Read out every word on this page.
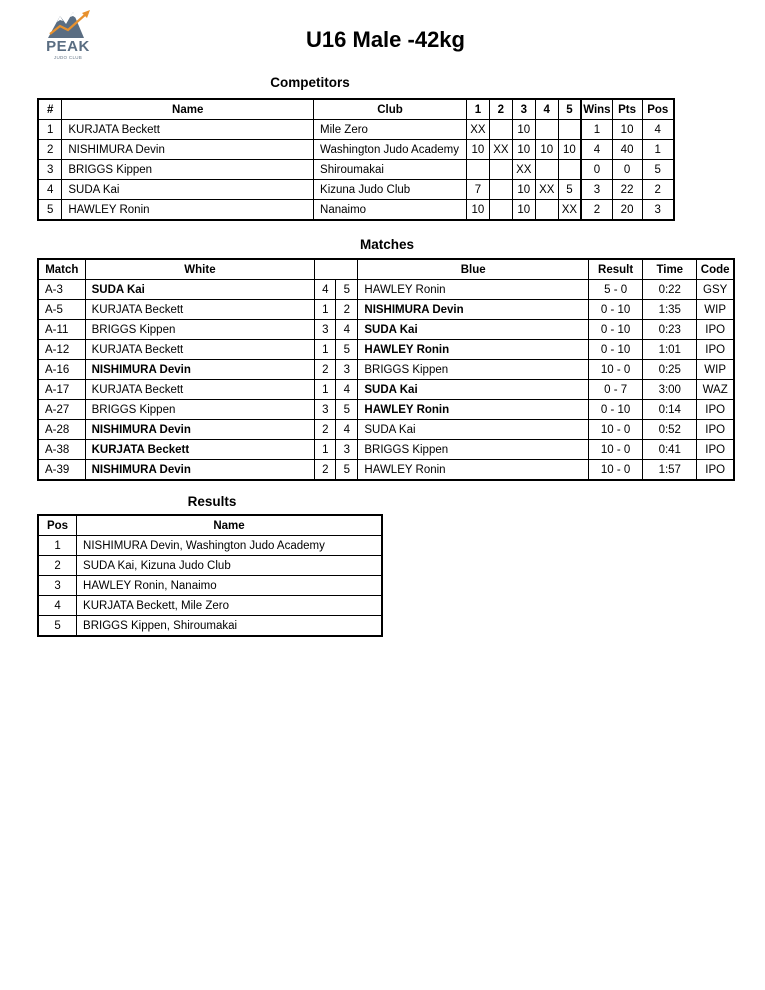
PEAK
JUDO CLUB
U16 Male -42kg
Competitors
#	Name	Club	1	2	3	4	5	Wins	Pts	Pos
1	KURJATA Beckett	Mile Zero	XX		10			1	10	4
2	NISHIMURA Devin	Washington Judo Academy	10	XX	10	10	10	4	40	1
3	BRIGGS Kippen	Shiroumakai			XX			0	0	5
4	SUDA Kai	Kizuna Judo Club	7		10	XX	5	3	22	2
5	HAWLEY Ronin	Nanaimo	10		10		XX	2	20	3
Matches
Match	White			Blue	Result	Time	Code
A-3	SUDA Kai	4	5	HAWLEY Ronin	5 - 0	0:22	GSY
A-5	KURJATA Beckett	1	2	NISHIMURA Devin	0 - 10	1:35	WIP
A-11	BRIGGS Kippen	3	4	SUDA Kai	0 - 10	0:23	IPO
A-12	KURJATA Beckett	1	5	HAWLEY Ronin	0 - 10	1:01	IPO
A-16	NISHIMURA Devin	2	3	BRIGGS Kippen	10 - 0	0:25	WIP
A-17	KURJATA Beckett	1	4	SUDA Kai	0 - 7	3:00	WAZ
A-27	BRIGGS Kippen	3	5	HAWLEY Ronin	0 - 10	0:14	IPO
A-28	NISHIMURA Devin	2	4	SUDA Kai	10 - 0	0:52	IPO
A-38	KURJATA Beckett	1	3	BRIGGS Kippen	10 - 0	0:41	IPO
A-39	NISHIMURA Devin	2	5	HAWLEY Ronin	10 - 0	1:57	IPO
Results
Pos	Name
1	NISHIMURA Devin, Washington Judo Academy
2	SUDA Kai, Kizuna Judo Club
3	HAWLEY Ronin, Nanaimo
4	KURJATA Beckett, Mile Zero
5	BRIGGS Kippen, Shiroumakai
